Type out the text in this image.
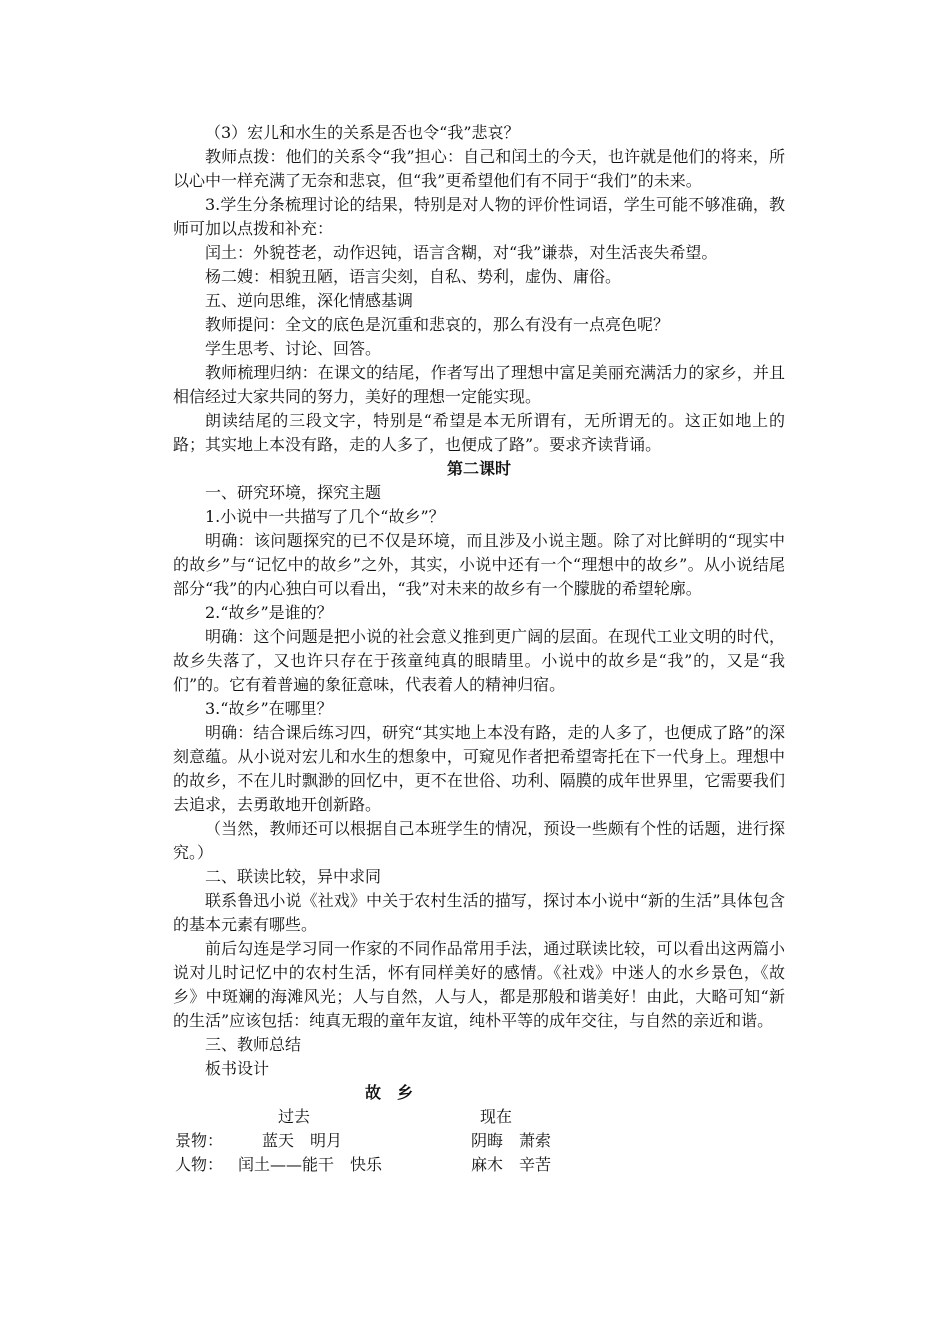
（3）宏儿和水生的关系是否也令“我”悲哀？

教师点拨：他们的关系令“我”担心：自己和闰土的今天，也许就是他们的将来，所以心中一样充满了无奈和悲哀，但“我”更希望他们有不同于“我们”的未来。

3.学生分条梳理讨论的结果，特别是对人物的评价性词语，学生可能不够准确，教师可加以点拨和补充：

闰土：外貌苍老，动作迟钝，语言含糊，对“我”谦恭，对生活丧失希望。

杨二嫂：相貌丑陋，语言尖刻，自私、势利，虚伪、庸俗。

五、逆向思维，深化情感基调

教师提问：全文的底色是沉重和悲哀的，那么有没有一点亮色呢？

学生思考、讨论、回答。

教师梳理归纳：在课文的结尾，作者写出了理想中富足美丽充满活力的家乡，并且相信经过大家共同的努力，美好的理想一定能实现。

朗读结尾的三段文字，特别是“希望是本无所谓有，无所谓无的。这正如地上的路；其实地上本没有路，走的人多了，也便成了路”。要求齐读背诵。

第二课时

一、研究环境，探究主题

1.小说中一共描写了几个“故乡”？

明确：该问题探究的已不仅是环境，而且涉及小说主题。除了对比鲜明的“现实中的故乡”与“记忆中的故乡”之外，其实，小说中还有一个“理想中的故乡”。从小说结尾部分“我”的内心独白可以看出，“我”对未来的故乡有一个朦胧的希望轮廓。

2.“故乡”是谁的？

明确：这个问题是把小说的社会意义推到更广阔的层面。在现代工业文明的时代，故乡失落了，又也许只存在于孩童纯真的眼睛里。小说中的故乡是“我”的，又是“我们”的。它有着普遍的象征意味，代表着人的精神归宿。

3.“故乡”在哪里？

明确：结合课后练习四，研究“其实地上本没有路，走的人多了，也便成了路”的深刻意蕴。从小说对宏儿和水生的想象中，可窥见作者把希望寄托在下一代身上。理想中的故乡，不在儿时飘渺的回忆中，更不在世俗、功利、隔膜的成年世界里，它需要我们去追求，去勇敢地开创新路。

（当然，教师还可以根据自己本班学生的情况，预设一些颇有个性的话题，进行探究。）

二、联读比较，异中求同

联系鲁迅小说《社戏》中关于农村生活的描写，探讨本小说中“新的生活”具体包含的基本元素有哪些。

前后勾连是学习同一作家的不同作品常用手法，通过联读比较，可以看出这两篇小说对儿时记忆中的农村生活，怀有同样美好的感情。《社戏》中迷人的水乡景色，《故乡》中斑斓的海滩风光；人与自然，人与人，都是那般和谐美好！由此，大略可知“新的生活”应该包括：纯真无瑕的童年友谊，纯朴平等的成年交往，与自然的亲近和谐。

三、教师总结

板书设计

故　乡

过去	现在
景物： 蓝天　明月	阴晦　萧索
人物： 闰土——能干　快乐	麻木　辛苦
